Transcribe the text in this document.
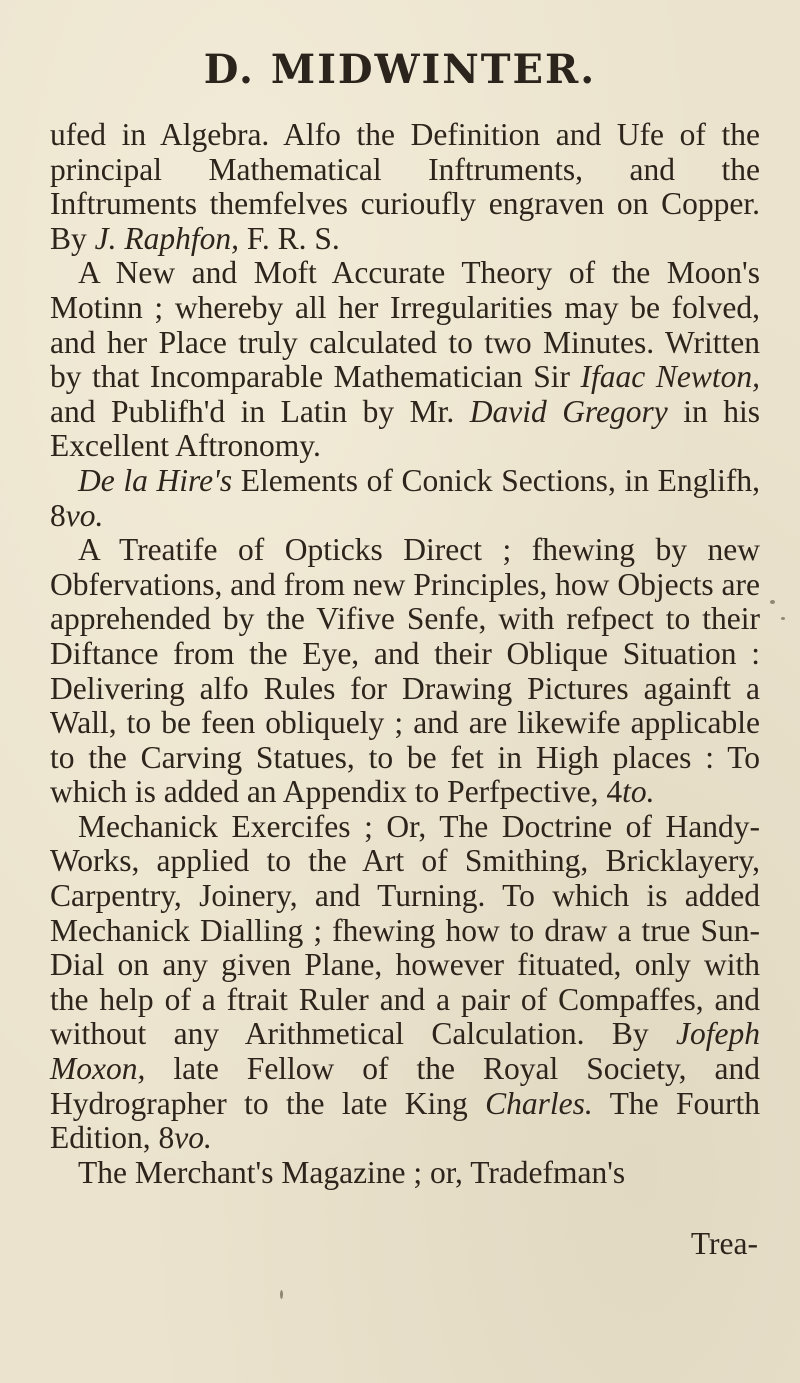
D. MIDWINTER.

ufed in Algebra. Alfo the Definition and Ufe of the principal Mathematical Inftruments, and the Inftruments themfelves curioufly engraven on Copper. By J. Raphfon, F. R. S.

A New and Moft Accurate Theory of the Moon's Motinn ; whereby all her Irregularities may be folved, and her Place truly calculated to two Minutes. Written by that Incomparable Mathematician Sir Ifaac Newton, and Publifh'd in Latin by Mr. David Gregory in his Excellent Aftronomy.

De la Hire's Elements of Conick Sections, in Englifh, 8vo.

A Treatife of Opticks Direct ; fhewing by new Obfervations, and from new Principles, how Objects are apprehended by the Vifive Senfe, with refpect to their Diftance from the Eye, and their Oblique Situation : Delivering alfo Rules for Drawing Pictures againft a Wall, to be feen obliquely ; and are likewife applicable to the Carving Statues, to be fet in High places : To which is added an Appendix to Perfpective, 4to.

Mechanick Exercifes ; Or, The Doctrine of Handy-Works, applied to the Art of Smithing, Bricklayery, Carpentry, Joinery, and Turning. To which is added Mechanick Dialling ; fhewing how to draw a true Sun-Dial on any given Plane, however fituated, only with the help of a ftrait Ruler and a pair of Compaffes, and without any Arithmetical Calculation. By Jofeph Moxon, late Fellow of the Royal Society, and Hydrographer to the late King Charles. The Fourth Edition, 8vo.

The Merchant's Magazine ; or, Tradefman's

Trea-
